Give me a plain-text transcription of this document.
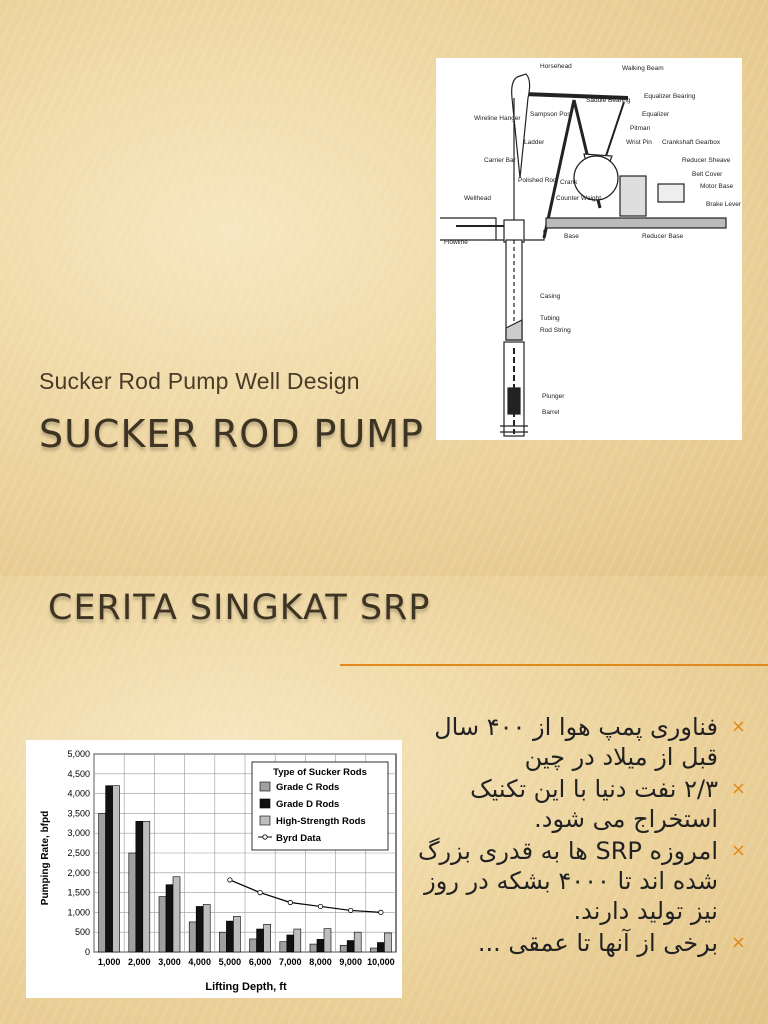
Sucker Rod Pump Well Design
SUCKER ROD PUMP
Horsehead	Walking Beam
Saddle Bearing
Equalizer Bearing
Equalizer
Sampson Post
Pitman
Wireline Hanger
Ladder	Wrist Pin Crankshaft Gearbox
Reducer Sheave
Carrier Bar
Belt Cover
Polished Rod Crank
Motor Base
Counter Weight
Brake Lever
Wellhead
Flowline
Base	Reducer Base
Casing
Tubing
Rod String
Plunger
Barrel
CERITA SINGKAT SRP
Pumping Rate, bfpd
Lifting Depth, ft
0
500
1,000
1,500
2,000
2,500
3,000
3,500
4,000
4,500
5,000
1,000 2,000 3,000 4,000 5,000 6,000 7,000 8,000 9,000 10,000
Type of Sucker Rods
Grade C Rods
Grade D Rods
High-Strength Rods
Byrd Data
×
فناوری پمپ هوا از ۴۰۰ سال قبل از میلاد در چین
×
۲/۳ نفت دنیا با این تکنیک استخراج می شود.
×
امروزه SRP ها به قدری بزرگ شده اند تا ۴۰۰۰ بشکه در روز نیز تولید دارند.
×
برخی از آنها تا عمقی ...
